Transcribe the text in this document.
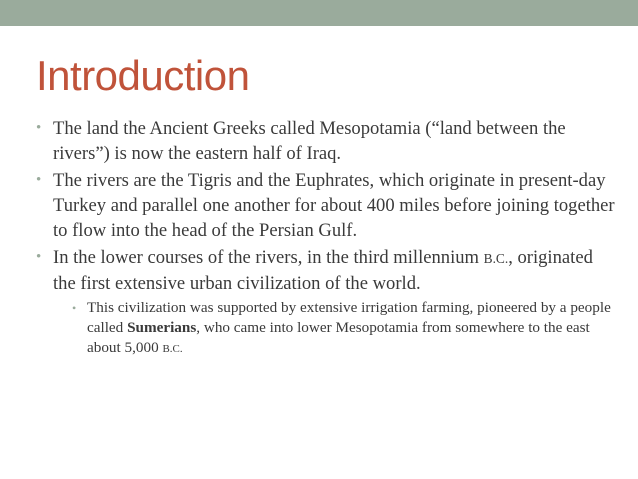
Introduction
• The land the Ancient Greeks called Mesopotamia (“land between the rivers”) is now the eastern half of Iraq.
• The rivers are the Tigris and the Euphrates, which originate in present-day Turkey and parallel one another for about 400 miles before joining together to flow into the head of the Persian Gulf.
• In the lower courses of the rivers, in the third millennium B.C., originated the first extensive urban civilization of the world.
• This civilization was supported by extensive irrigation farming, pioneered by a people called Sumerians, who came into lower Mesopotamia from somewhere to the east about 5,000 B.C.
